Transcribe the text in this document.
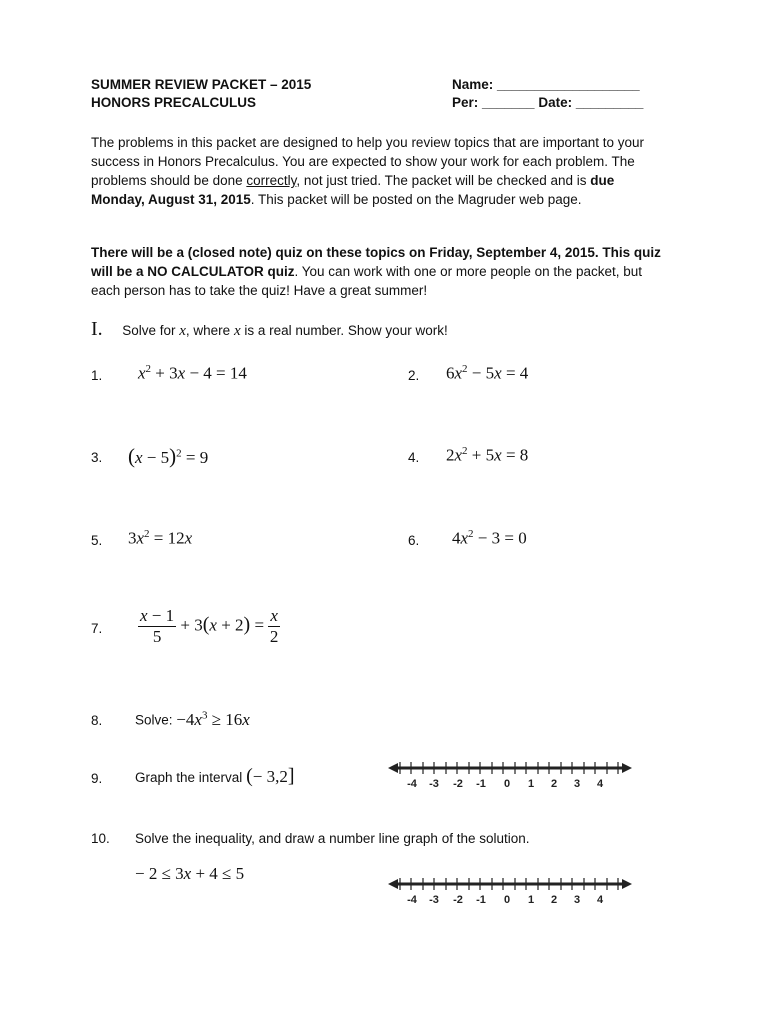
SUMMER REVIEW PACKET – 2015
HONORS PRECALCULUS
Name: ___________________
Per: _______ Date: _________
The problems in this packet are designed to help you review topics that are important to your success in Honors Precalculus. You are expected to show your work for each problem. The problems should be done correctly, not just tried. The packet will be checked and is due Monday, August 31, 2015. This packet will be posted on the Magruder web page.
There will be a (closed note) quiz on these topics on Friday, September 4, 2015. This quiz will be a NO CALCULATOR quiz. You can work with one or more people on the packet, but each person has to take the quiz! Have a great summer!
I. Solve for x, where x is a real number. Show your work!
1. $x^2 + 3x - 4 = 14$	2. $6x^2 - 5x = 4$
3. $(x - 5)^2 = 9$	4. $2x^2 + 5x = 8$
5. $3x^2 = 12x$	6. $4x^2 - 3 = 0$
7. $\frac{x - 1}{5} + 3(x + 2) = \frac{x}{2}$
8. Solve: $-4x^3 \ge 16x$
9. Graph the interval (− 3,2]	-4 -3 -2 -1 0 1 2 3 4
10. Solve the inequality, and draw a number line graph of the solution.
− 2 ≤ 3x + 4 ≤ 5
-4 -3 -2 -1 0 1 2 3 4
